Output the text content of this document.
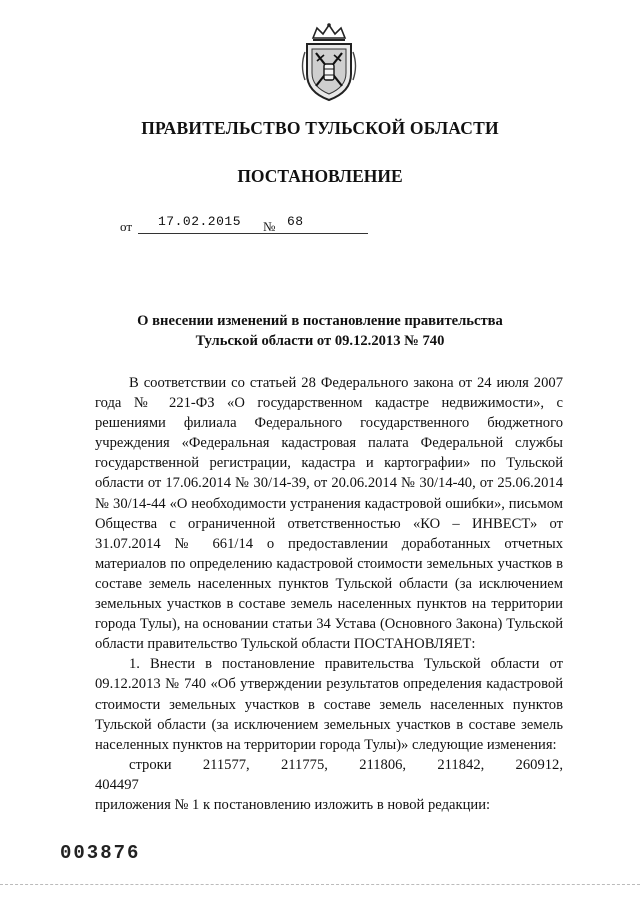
ПРАВИТЕЛЬСТВО ТУЛЬСКОЙ ОБЛАСТИ
ПОСТАНОВЛЕНИЕ
от 17.02.2015 № 68
О внесении изменений в постановление правительства
Тульской области от 09.12.2013 № 740

В соответствии со статьей 28 Федерального закона от 24 июля 2007 года № 221-ФЗ «О государственном кадастре недвижимости», с решениями филиала Федерального государственного бюджетного учреждения «Федеральная кадастровая палата Федеральной службы государственной регистрации, кадастра и картографии» по Тульской области от 17.06.2014 № 30/14-39, от 20.06.2014 № 30/14-40, от 25.06.2014 № 30/14-44 «О необходимости устранения кадастровой ошибки», письмом Общества с ограниченной ответственностью «КО – ИНВЕСТ» от 31.07.2014 № 661/14 о предоставлении доработанных отчетных материалов по определению кадастровой стоимости земельных участков в составе земель населенных пунктов Тульской области (за исключением земельных участков в составе земель населенных пунктов на территории города Тулы), на основании статьи 34 Устава (Основного Закона) Тульской области правительство Тульской области ПОСТАНОВЛЯЕТ:

1. Внести в постановление правительства Тульской области от 09.12.2013 № 740 «Об утверждении результатов определения кадастровой стоимости земельных участков в составе земель населенных пунктов Тульской области (за исключением земельных участков в составе земель населенных пунктов на территории города Тулы)» следующие изменения:

строки 211577, 211775, 211806, 211842, 260912, 404497

приложения № 1 к постановлению изложить в новой редакции:

003876
